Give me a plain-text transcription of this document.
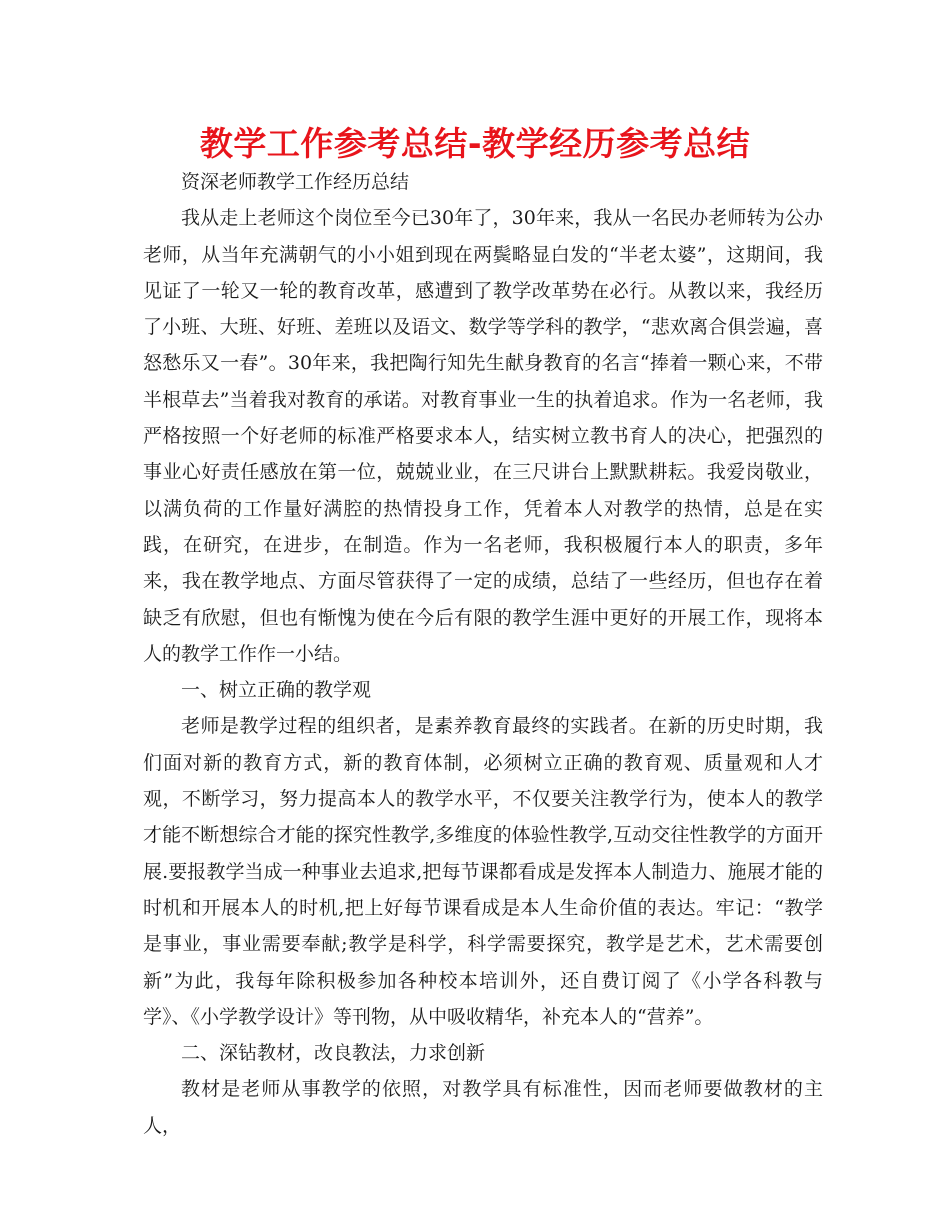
教学工作参考总结-教学经历参考总结

资深老师教学工作经历总结

我从走上老师这个岗位至今已30年了，30年来，我从一名民办老师转为公办老师，从当年充满朝气的小小姐到现在两鬓略显白发的“半老太婆”，这期间，我见证了一轮又一轮的教育改革，感遭到了教学改革势在必行。从教以来，我经历了小班、大班、好班、差班以及语文、数学等学科的教学，“悲欢离合俱尝遍，喜怒愁乐又一春”。30年来，我把陶行知先生献身教育的名言“捧着一颗心来，不带半根草去”当着我对教育的承诺。对教育事业一生的执着追求。作为一名老师，我严格按照一个好老师的标准严格要求本人，结实树立教书育人的决心，把强烈的事业心好责任感放在第一位，兢兢业业，在三尺讲台上默默耕耘。我爱岗敬业，以满负荷的工作量好满腔的热情投身工作，凭着本人对教学的热情，总是在实践，在研究，在进步，在制造。作为一名老师，我积极履行本人的职责，多年来，我在教学地点、方面尽管获得了一定的成绩，总结了一些经历，但也存在着缺乏有欣慰，但也有惭愧为使在今后有限的教学生涯中更好的开展工作，现将本人的教学工作作一小结。

一、树立正确的教学观

老师是教学过程的组织者，是素养教育最终的实践者。在新的历史时期，我们面对新的教育方式，新的教育体制，必须树立正确的教育观、质量观和人才观，不断学习，努力提高本人的教学水平，不仅要关注教学行为，使本人的教学才能不断想综合才能的探究性教学,多维度的体验性教学,互动交往性教学的方面开展.要报教学当成一种事业去追求,把每节课都看成是发挥本人制造力、施展才能的时机和开展本人的时机,把上好每节课看成是本人生命价值的表达。牢记：“教学是事业，事业需要奉献;教学是科学，科学需要探究，教学是艺术，艺术需要创新”为此，我每年除积极参加各种校本培训外，还自费订阅了《小学各科教与学》、《小学教学设计》等刊物，从中吸收精华，补充本人的“营养”。

二、深钻教材，改良教法，力求创新

教材是老师从事教学的依照，对教学具有标准性，因而老师要做教材的主人，
